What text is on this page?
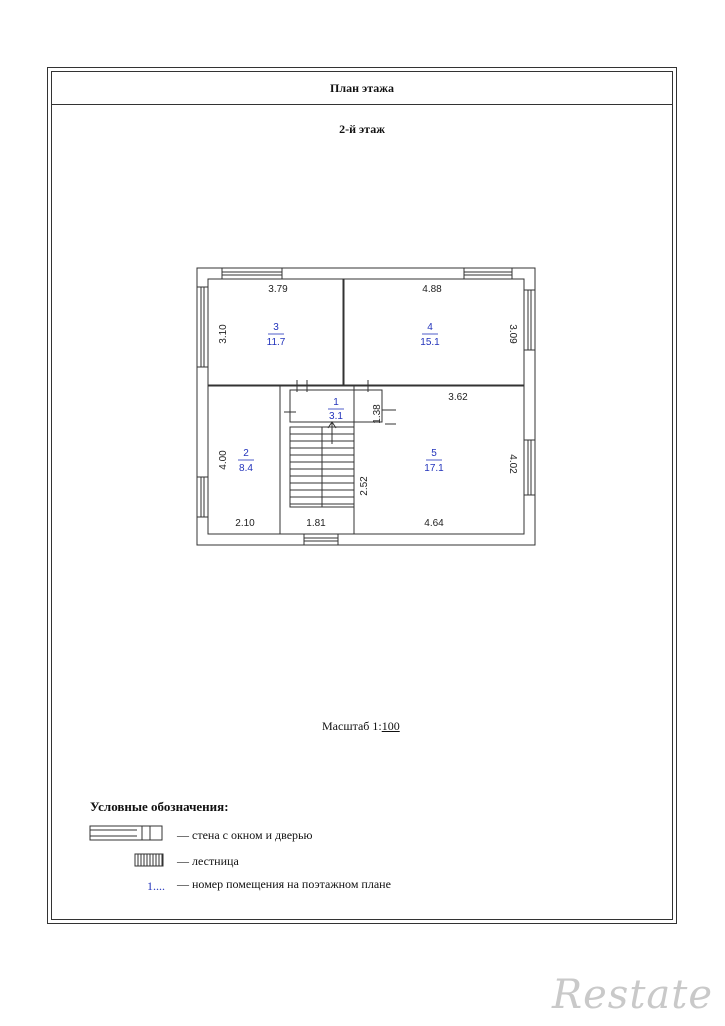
План этажа
2-й этаж
3
11.7
4
15.1
1
3.1
2
8.4
5
17.1
3.79
3.10
4.88
3.09
1.38
3.62
4.00	4.02
2.52
2.10	1.81	4.64
Масштаб 1:100
Условные обозначения:
— стена с окном и дверью
— лестница
1.... — номер помещения на поэтажном плане
Restate
